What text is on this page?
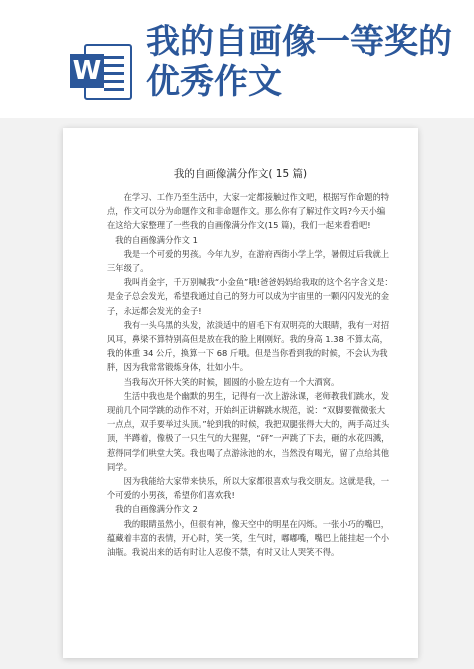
W
我的自画像一等奖的优秀作文
我的自画像满分作文( 15 篇)

在学习、工作乃至生活中，大家一定都接触过作文吧，根据写作命题的特点，作文可以分为命题作文和非命题作文。那么你有了解过作文吗?今天小编在这给大家整理了一些我的自画像满分作文(15 篇)，我们一起来看看吧!

我的自画像满分作文 1

我是一个可爱的男孩。今年九岁，在游府西街小学上学，暑假过后我就上三年级了。

我叫肖金宇，千万别喊我“小金鱼”哦!爸爸妈妈给我取的这个名字含义是：是金子总会发光，希望我通过自己的努力可以成为宇宙里的一颗闪闪发光的金子，永远都会发光的金子!

我有一头乌黑的头发，浓淡适中的眉毛下有双明亮的大眼睛，我有一对招风耳，鼻梁不算特别高但是放在我的脸上刚刚好。我的身高 1.38 不算太高，我的体重 34 公斤，换算一下 68 斤哦。但是当你看到我的时候，不会认为我胖，因为我常常锻炼身体，壮如小牛。

当我每次开怀大笑的时候，圆圆的小脸左边有一个大酒窝。

生活中我也是个幽默的男生，记得有一次上游泳课，老师教我们跳水，发现前几个同学跳的动作不对，开始纠正讲解跳水规范，说：“双脚要微微张大一点点，双手要举过头顶。”轮到我的时候，我把双腿张得大大的，两手高过头顶，半蹲着，像极了一只生气的大猩猩，“砰”一声跳了下去，砸的水花四溅，惹得同学们哄堂大笑。我也喝了点游泳池的水，当然没有喝光，留了点给其他同学。

因为我能给大家带来快乐，所以大家都很喜欢与我交朋友。这就是我，一个可爱的小男孩，希望你们喜欢我!

我的自画像满分作文 2

我的眼睛虽然小，但很有神，像天空中的明星在闪烁。一张小巧的嘴巴，蕴藏着丰富的表情，开心时，笑一笑，生气时，嘟嘟嘴，嘴巴上能挂起一个小油瓶。我说出来的话有时让人忍俊不禁，有时又让人哭笑不得。
